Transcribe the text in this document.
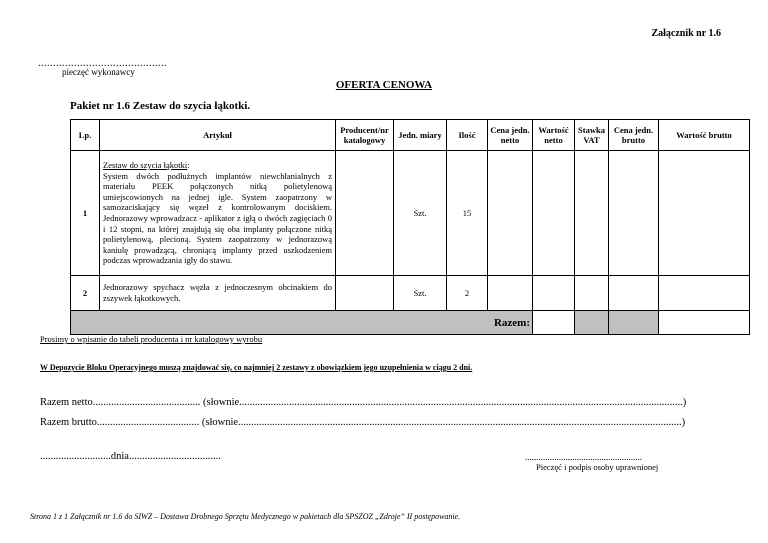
Załącznik nr 1.6
...........................................
pieczęć wykonawcy
OFERTA CENOWA
Pakiet nr 1.6 Zestaw do szycia łąkotki.
Lp.	Artykuł	Producent/nr katalogowy	Jedn. miary	Ilość	Cena jedn. netto	Wartość netto	Stawka VAT	Cena jedn. brutto	Wartość brutto
1	Zestaw do szycia łąkotki:
System dwóch podłużnych implantów niewchłanialnych z materiału PEEK połączonych nitką polietylenową umiejscowionych na jednej igle. System zaopatrzony w samozaciskający się węzeł z kontrolowanym dociskiem. Jednorazowy wprowadzacz - aplikator z igłą o dwóch zagięciach 0 i 12 stopni, na której znajdują się oba implanty połączone nitką polietylenową, plecioną. System zaopatrzony w jednorazową kaniulę prowadzącą, chroniącą implanty przed uszkodzeniem podczas wprowadzania igły do stawu.		Szt.	15					
2	Jednorazowy spychacz węzła z jednoczesnym obcinakiem do zszywek łąkotkowych.		Szt.	2					
Razem:									
Prosimy o wpisanie do tabeli producenta i nr katalogowy wyrobu
W Depozycie Bloku Operacyjnego muszą znajdować się, co najmniej 2 zestawy z obowiązkiem jego uzupełnienia w ciągu 2 dni.
Razem netto......................................... (słownie.........................................................................................................................................................................)
Razem brutto....................................... (słownie.........................................................................................................................................................................)
...........................dnia...................................	....................................................
Pieczęć i podpis osoby uprawnionej
Strona 1 z 1 Załącznik nr 1.6 do SIWZ – Dostawa Drobnego Sprzętu Medycznego w pakietach dla SPSZOZ „Zdroje” II postępowanie.
